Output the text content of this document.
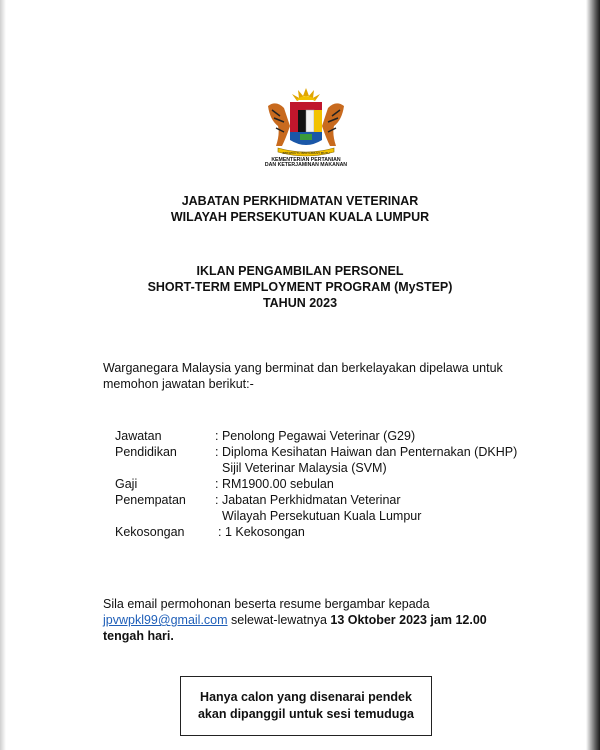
BERSEKUTU BERTAMBAH MUTU
KEMENTERIAN PERTANIAN
DAN KETERJAMINAN MAKANAN
JABATAN PERKHIDMATAN VETERINAR
WILAYAH PERSEKUTUAN KUALA LUMPUR
IKLAN PENGAMBILAN PERSONEL
SHORT-TERM EMPLOYMENT PROGRAM (MySTEP)
TAHUN 2023
Warganegara Malaysia yang berminat dan berkelayakan dipelawa untuk
memohon jawatan berikut:-
Jawatan	: Penolong Pegawai Veterinar (G29)
Pendidikan	: Diploma Kesihatan Haiwan dan Penternakan (DKHP)
Sijil Veterinar Malaysia (SVM)
Gaji	: RM1900.00 sebulan
Penempatan : Jabatan Perkhidmatan Veterinar
Wilayah Persekutuan Kuala Lumpur
Kekosongan	: 1 Kekosongan
Sila email permohonan beserta resume bergambar kepada
jpvwpkl99@gmail.com selewat-lewatnya 13 Oktober 2023 jam 12.00
tengah hari.
Hanya calon yang disenarai pendek
akan dipanggil untuk sesi temuduga
